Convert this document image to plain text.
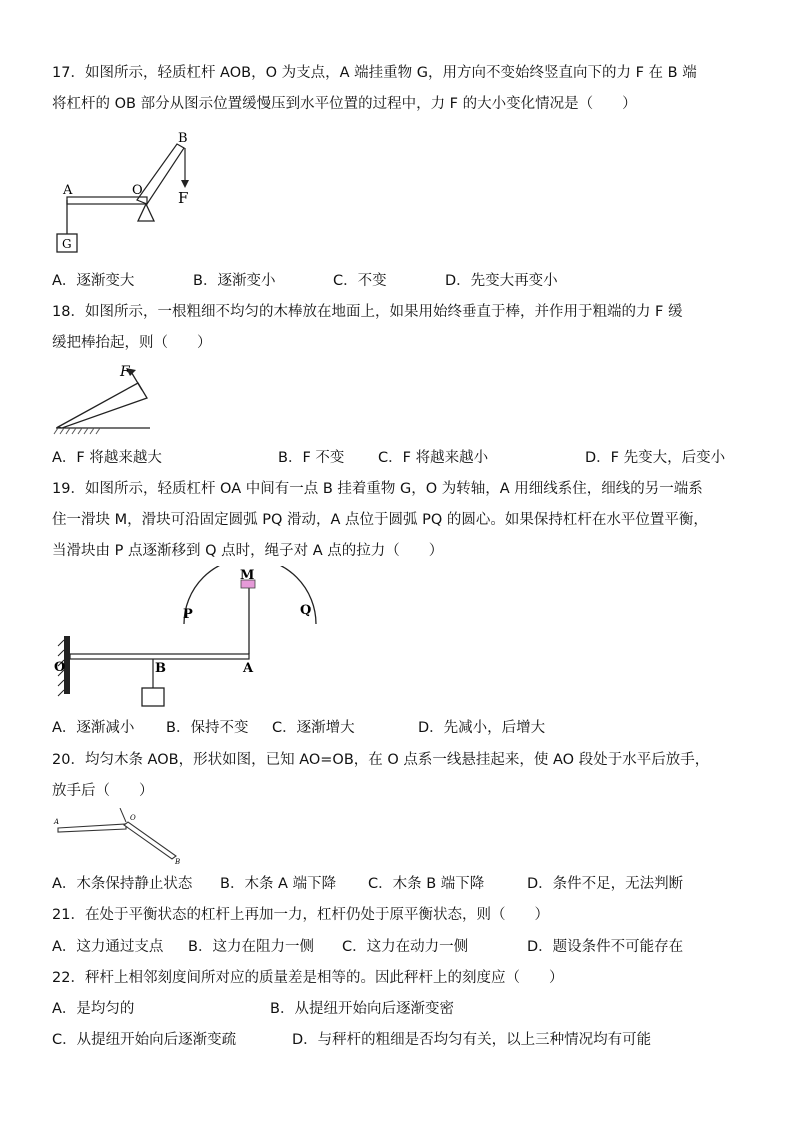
17．如图所示，轻质杠杆 AOB，O 为支点，A 端挂重物 G，用方向不变始终竖直向下的力 F 在 B 端
将杠杆的 OB 部分从图示位置缓慢压到水平位置的过程中，力 F 的大小变化情况是（　　）
G
A	O
B
F
A．逐渐变大	B．逐渐变小	C．不变	D．先变大再变小
18．如图所示，一根粗细不均匀的木棒放在地面上，如果用始终垂直于棒，并作用于粗端的力 F 缓
缓把棒抬起，则（　　）
F
A．F 将越来越大	B．F 不变 C．F 将越来越小	D．F 先变大，后变小
19．如图所示，轻质杠杆 OA 中间有一点 B 挂着重物 G，O 为转轴，A 用细线系住，细线的另一端系
住一滑块 M，滑块可沿固定圆弧 PQ 滑动，A 点位于圆弧 PQ 的圆心。如果保持杠杆在水平位置平衡，
当滑块由 P 点逐渐移到 Q 点时，绳子对 A 点的拉力（　　）
M
P	Q
O	B	A
A．逐渐减小 B．保持不变 C．逐渐增大	D．先减小，后增大
20．均匀木条 AOB，形状如图，已知 AO=OB，在 O 点系一线悬挂起来，使 AO 段处于水平后放手，
放手后（　　）
A	O
B
A．木条保持静止状态 B．木条 A 端下降 C．木条 B 端下降	D．条件不足，无法判断
21．在处于平衡状态的杠杆上再加一力，杠杆仍处于原平衡状态，则（　　）
A．这力通过支点 B．这力在阻力一侧 C．这力在动力一侧	D．题设条件不可能存在
22．秤杆上相邻刻度间所对应的质量差是相等的。因此秤杆上的刻度应（　　）
A．是均匀的	B．从提纽开始向后逐渐变密
C．从提纽开始向后逐渐变疏	D．与秤杆的粗细是否均匀有关，以上三种情况均有可能
